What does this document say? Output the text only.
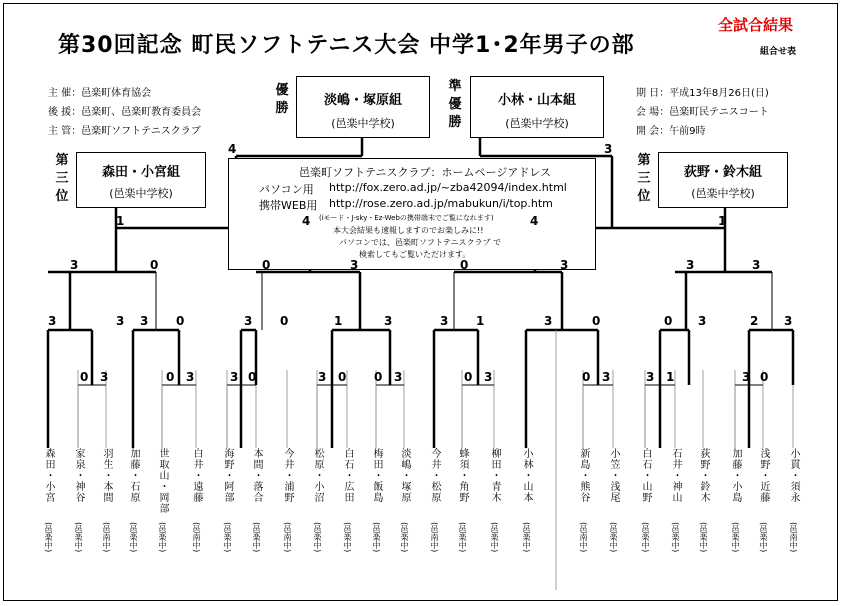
第30回記念 町民ソフトテニス大会 中学1･2年男子の部
全試合結果
組合せ表
主 催：邑楽町体育協会
後 援：邑楽町、邑楽町教育委員会
主 管：邑楽町ソフトテニスクラブ
期 日：平成13年8月26日(日)
会 場：邑楽町民テニスコート
開 会：午前9時
優勝
淡嶋・塚原組
(邑楽中学校)
準優勝
小林・山本組
(邑楽中学校)
第三位
森田・小宮組
(邑楽中学校)
第三位
荻野・鈴木組
(邑楽中学校)
邑楽町ソフトテニスクラブ：ホームページアドレス
パソコン用 http://fox.zero.ad.jp/~zba42094/index.html
携帯WEB用 http://rose.zero.ad.jp/mabukun/i/top.htm
(iモード・J-sky・Ez-Webの携帯端末でご覧になれます)
本大会結果も速報しますのでお楽しみに!!
パソコンでは、邑楽町ソフトテニスクラブ で
検索してもご覧いただけます。
4	3
1	4	4	1
3	0	0	3	0	3	3	3
3	3 3 0	3 0	1	3	3 1	3	0	0 3	2 3
0 3	0 3	3 0	3 0 0 3	0 3	0 3	3 1	3 0
森田・小宮
(邑楽中)
家泉・神谷
(邑楽中)
羽生・本間
(邑南中)
加藤・石原
(邑楽中)
世取山・岡部
(邑楽中)
白井・遠藤
(邑南中)
海野・阿部
(邑楽中)
本間・落合
(邑楽中)
今井・浦野
(邑南中)
松原・小沼
(邑楽中)
白石・広田
(邑楽中)
梅田・飯島
(邑楽中)
淡嶋・塚原
(邑楽中)
今井・松原
(邑南中)
蜂須・角野
(邑楽中)
柳田・青木
(邑楽中)
小林・山本
(邑楽中)
新島・熊谷
(邑南中)
小笠・浅尾
(邑楽中)
白石・山野
(邑楽中)
石井・神山
(邑楽中)
荻野・鈴木
(邑楽中)
加藤・小島
(邑楽中)
浅野・近藤
(邑楽中)
小貫・須永
(邑南中)
